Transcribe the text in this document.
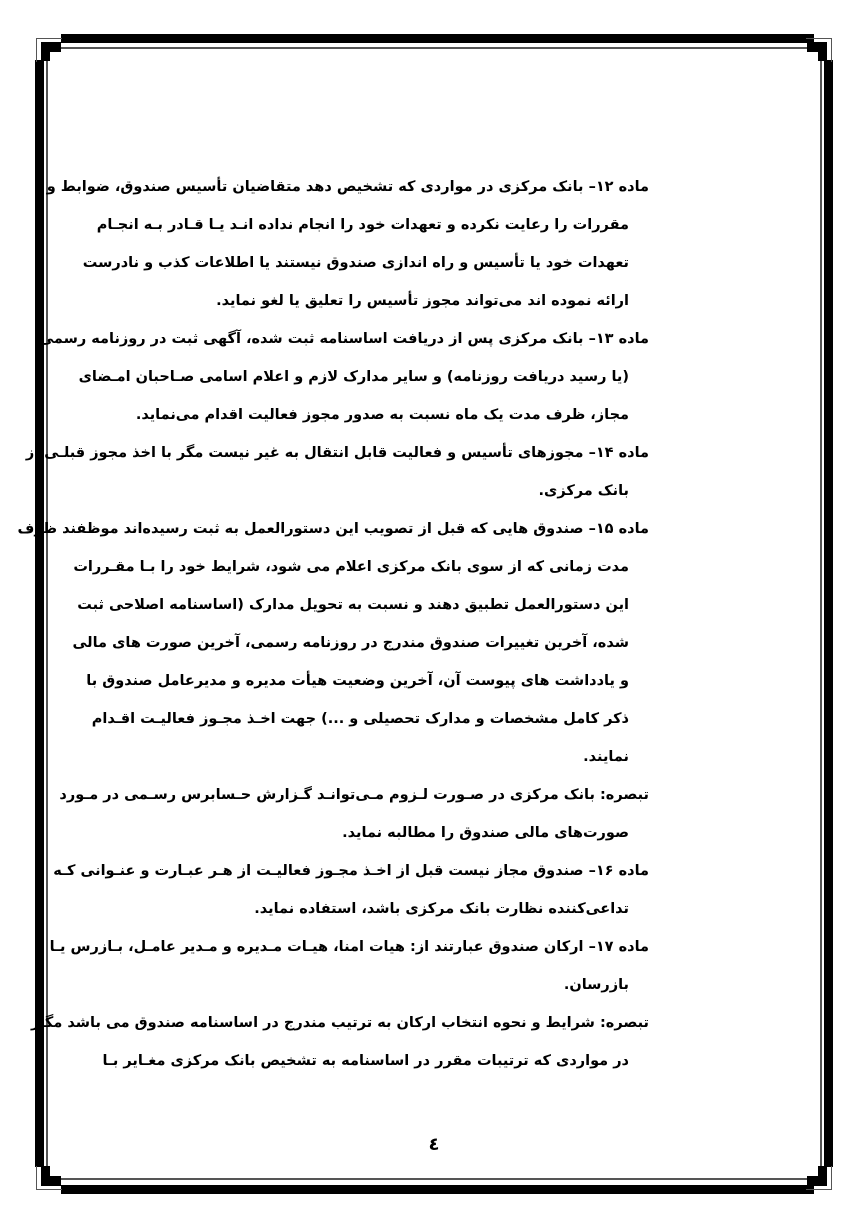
ماده ۱۲– بانک مرکزی در مواردی که تشخیص دهد متقاضیان تأسیس صندوق، ضوابط و
مقررات را رعایت نکرده و تعهدات خود را انجام نداده انـد یـا قـادر بـه انجـام
تعهدات خود یا تأسیس و راه اندازی صندوق نیستند یا اطلاعات کذب و نادرست
ارائه نموده اند می‌تواند مجوز تأسیس را تعلیق یا لغو نماید.
ماده ۱۳– بانک مرکزی پس از دریافت اساسنامه ثبت شده، آگهی ثبت در روزنامه رسمی
(یا رسید دریافت روزنامه) و سایر مدارک لازم و اعلام اسامی صـاحبان امـضای
مجاز، ظرف مدت یک ماه نسبت به صدور مجوز فعالیت اقدام می‌نماید.
ماده ۱۴– مجوزهای تأسیس و فعالیت قابل انتقال به غیر نیست مگر با اخذ مجوز قبلـی از
بانک مرکزی.
ماده ۱۵– صندوق هایی که قبل از تصویب این دستورالعمل به ثبت رسیده‌اند موظفند ظرف
مدت زمانی که از سوی بانک مرکزی اعلام می شود، شرایط خود را بـا مقـررات
این دستورالعمل تطبیق دهند و نسبت به تحویل مدارک (اساسنامه اصلاحی ثبت
شده، آخرین تغییرات صندوق مندرج در روزنامه رسمی، آخرین صورت های مالی
و یادداشت های پیوست آن، آخرین وضعیت هیأت مدیره و مدیرعامل صندوق با
ذکر کامل مشخصات و مدارک تحصیلی و ...) جهت اخـذ مجـوز فعالیـت اقـدام
نمایند.
تبصره: بانک مرکزی در صـورت لـزوم مـی‌توانـد گـزارش حـسابرس رسـمی در مـورد
صورت‌های مالی صندوق را مطالبه نماید.
ماده ۱۶– صندوق مجاز نیست قبل از اخـذ مجـوز فعالیـت از هـر عبـارت و عنـوانی کـه
تداعی‌کننده نظارت بانک مرکزی باشد، استفاده نماید.
ماده ۱۷– ارکان صندوق عبارتند از: هیات امنا، هیـات مـدیره و مـدیر عامـل، بـازرس یـا
بازرسان.
تبصره: شرایط و نحوه انتخاب ارکان به ترتیب مندرج در اساسنامه صندوق می باشد مگـر
در مواردی که ترتیبات مقرر در اساسنامه به تشخیص بانک مرکزی مغـایر بـا
٤
